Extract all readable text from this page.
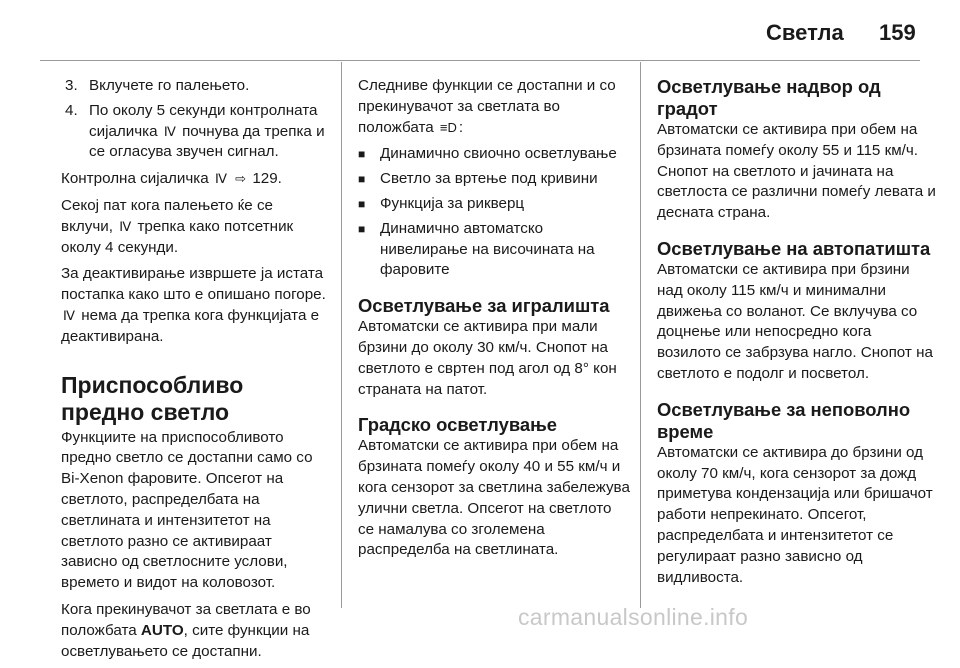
Светла 159
3. Вклучете го палењето.
4. По околу 5 секунди контролната сијаличка Ⅳ почнува да трепка и се огласува звучен сигнал.

Контролна сијаличка Ⅳ ⇨ 129.

Секој пат кога палењето ќе се вклучи, Ⅳ трепка како потсетник околу 4 секунди.

За деактивирање извршете ја истата постапка како што е опишано погоре. Ⅳ нема да трепка кога функцијата е деактивирана.

Приспособливо предно светло

Функциите на приспособливото предно светло се достапни само со Bi-Xenon фаровите. Опсегот на светлото, распределбата на светлината и интензитетот на светлото разно се активираат зависно од светлосните услови, времето и видот на коловозот.

Кога прекинувачот за светлата е во положбата AUTO, сите функции на осветлувањето се достапни.

Следниве функции се достапни и со прекинувачот за светлата во положбата ≡D :

■ Динамично свиочно осветлување
■ Светло за вртење под кривини
■ Функција за рикверц
■ Динамично автоматско нивелирање на височината на фаровите
Осветлување за игралишта

Автоматски се активира при мали брзини до околу 30 км/ч. Снопот на светлото е свртен под агол од 8° кон страната на патот.

Градско осветлување

Автоматски се активира при обем на брзината помеѓу околу 40 и 55 км/ч и кога сензорот за светлина забележува улични светла. Опсегот на светлото се намалува со зголемена распределба на светлината.

Осветлување надвор од градот

Автоматски се активира при обем на брзината помеѓу околу 55 и 115 км/ч. Снопот на светлото и јачината на светлоста се различни помеѓу левата и десната страна.

Осветлување на автопатишта

Автоматски се активира при брзини над околу 115 км/ч и минимални движења со воланот. Се вклучува со доцнење или непосредно кога возилото се забрзува нагло. Снопот на светлото е подолг и посветол.

Осветлување за неповолно време

Автоматски се активира до брзини од околу 70 км/ч, кога сензорот за дожд приметува кондензација или бришачот работи непрекинато. Опсегот, распределбата и интензитетот се регулираат разно зависно од видливоста.

carmanualsonline.info
